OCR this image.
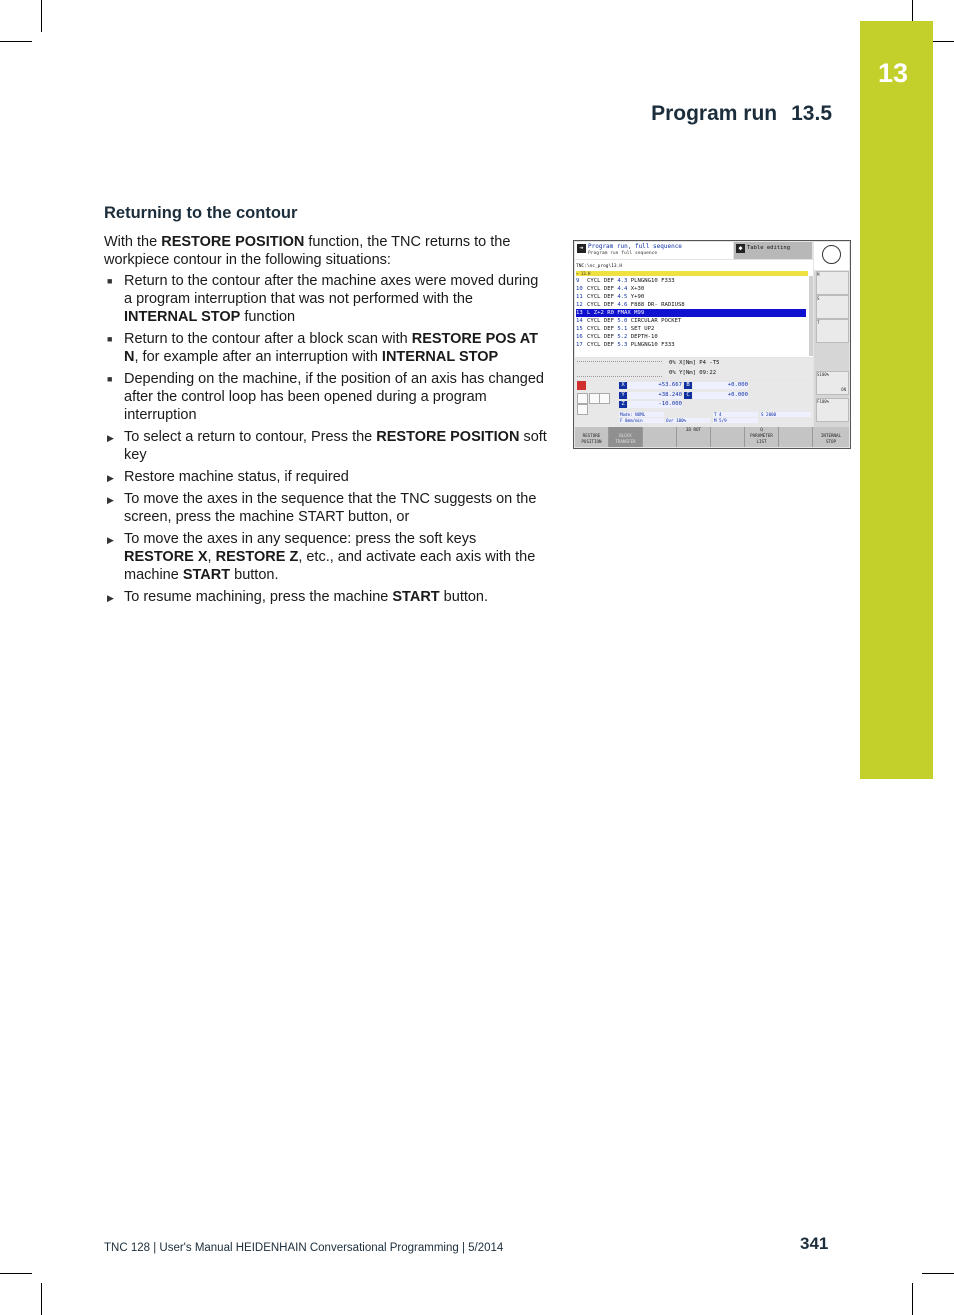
13
Program run 13.5
Returning to the contour

With the RESTORE POSITION function, the TNC returns to the workpiece contour in the following situations:

■ Return to the contour after the machine axes were moved during a program interruption that was not performed with the INTERNAL STOP function
■ Return to the contour after a block scan with RESTORE POS AT N, for example after an interruption with INTERNAL STOP
■ Depending on the machine, if the position of an axis has changed after the control loop has been opened during a program interruption
▶ To select a return to contour, Press the RESTORE POSITION soft key
▶ Restore machine status, if required
▶ To move the axes in the sequence that the TNC suggests on the screen, press the machine START button, or
▶ To move the axes in any sequence: press the soft keys RESTORE X, RESTORE Z, etc., and activate each axis with the machine START button.
▶ To resume machining, press the machine START button.
➔ Program run, full sequence
Program run full sequence
◆ Table editing
TNC:\nc_prog\13.H
→ 13.H
9 CYCL DEF 4.3 PLNGNG10 F333
10 CYCL DEF 4.4 X+30
11 CYCL DEF 4.5 Y+90
12 CYCL DEF 4.6 F888 DR- RADIUS8
13 L Z+2 R0 FMAX M99
14 CYCL DEF 5.0 CIRCULAR POCKET
15 CYCL DEF 5.1 SET UP2
16 CYCL DEF 5.2 DEPTH-10
17 CYCL DEF 5.3 PLNGNG10 F333
0% X[Nm] P4 -T5
0% Y[Nm] 09:22
X	+53.667
Y	+38.240
Z	-10.000
B	+0.000
C	+0.000
Mode: NOML	T 4	S 2000
F 0mm/min	Ovr 100%	M 5/9
M
S
T
S100%

ON
F100%

RESTORE
POSITION

BLOCK
TRANSFER
3D ROT	Q
PARAMETER
LIST

INTERNAL
STOP
TNC 128 | User's Manual HEIDENHAIN Conversational Programming | 5/2014	341
